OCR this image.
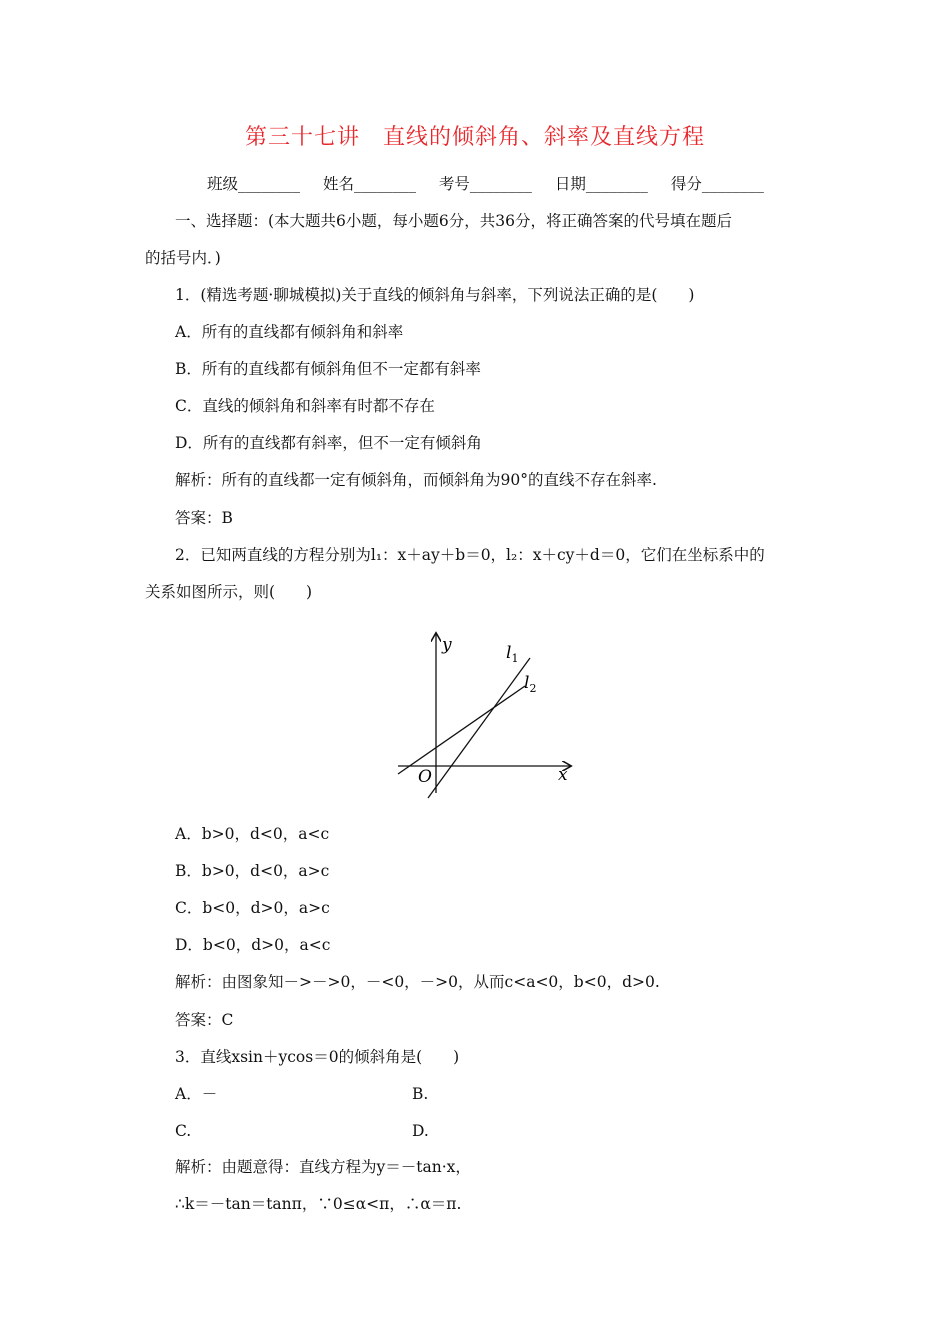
第三十七讲　直线的倾斜角、斜率及直线方程
班级________ 姓名________ 考号________ 日期________ 得分________
一、选择题：(本大题共6小题，每小题6分，共36分，将正确答案的代号填在题后
的括号内．)
1．(精选考题·聊城模拟)关于直线的倾斜角与斜率，下列说法正确的是(　　)
A．所有的直线都有倾斜角和斜率
B．所有的直线都有倾斜角但不一定都有斜率
C．直线的倾斜角和斜率有时都不存在
D．所有的直线都有斜率，但不一定有倾斜角
解析：所有的直线都一定有倾斜角，而倾斜角为90°的直线不存在斜率.
答案：B
2．已知两直线的方程分别为l₁：x＋ay＋b＝0，l₂：x＋cy＋d＝0，它们在坐标系中的
关系如图所示，则(　　)
y
x
O
$l_1$
$l_2$
A．b>0，d<0，a<c
B．b>0，d<0，a>c
C．b<0，d>0，a>c
D．b<0，d>0，a<c
解析：由图象知－>－>0，－<0，－>0，从而c<a<0，b<0，d>0.
答案：C
3．直线xsin＋ycos＝0的倾斜角是(　　)
A．－	B.
C.	D.
解析：由题意得：直线方程为y＝－tan·x，
∴k＝－tan＝tanπ，∵0≤α<π，∴α＝π.
